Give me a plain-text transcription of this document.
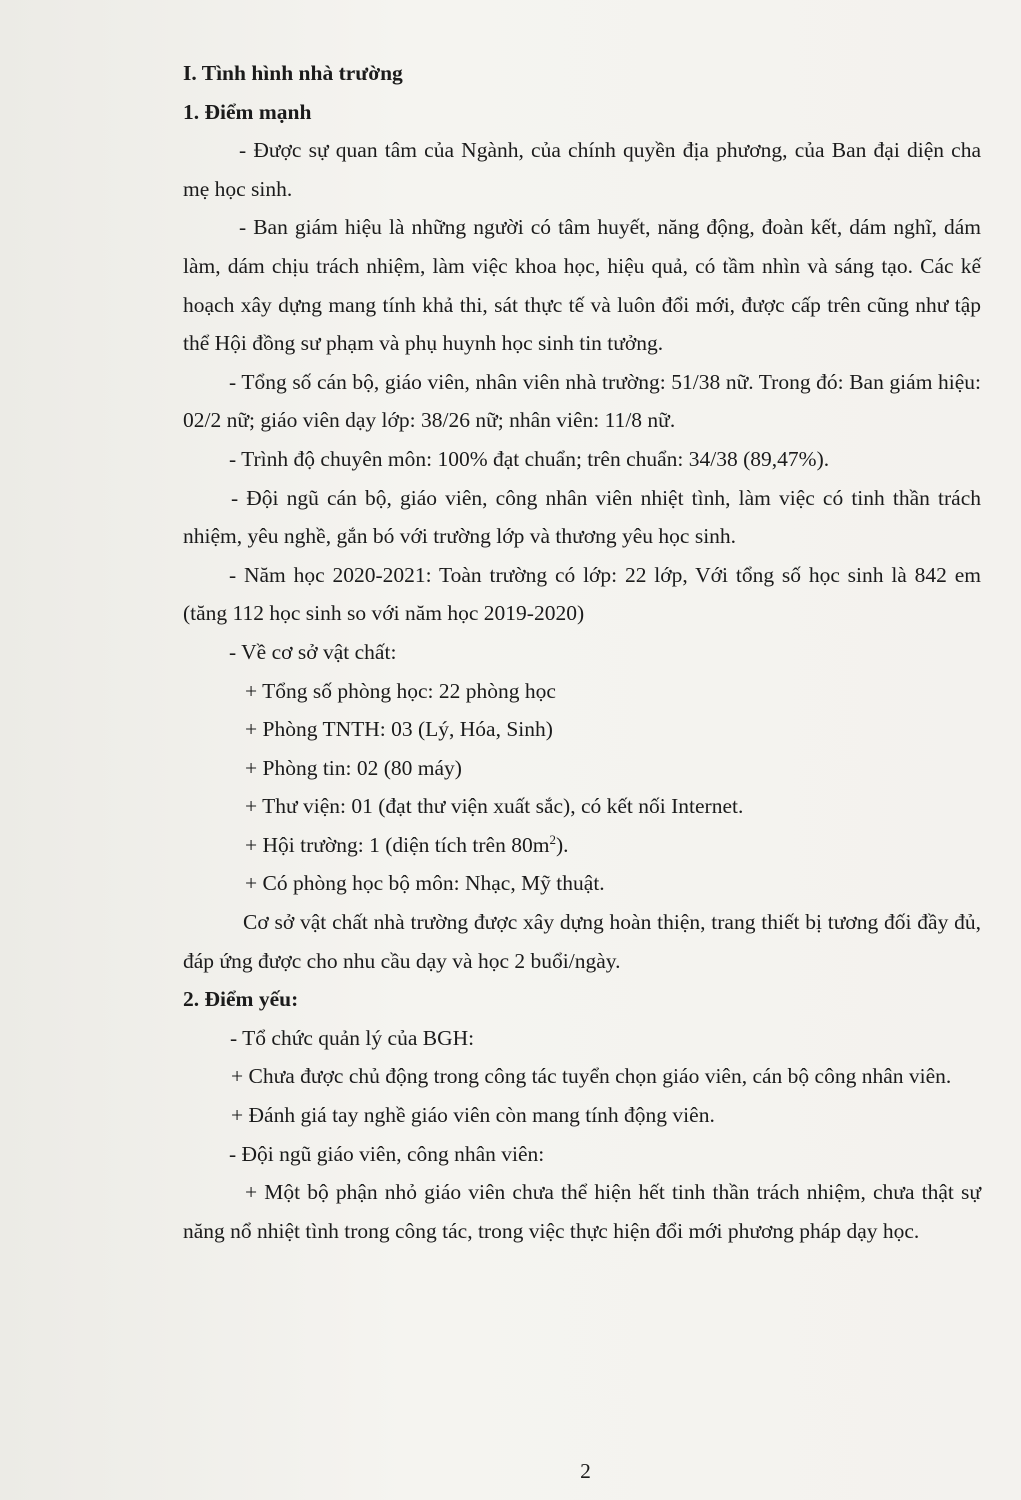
I. Tình hình nhà trường
1. Điểm mạnh

- Được sự quan tâm của Ngành, của chính quyền địa phương, của Ban đại diện cha mẹ học sinh.

- Ban giám hiệu là những người có tâm huyết, năng động, đoàn kết, dám nghĩ, dám làm, dám chịu trách nhiệm, làm việc khoa học, hiệu quả, có tầm nhìn và sáng tạo. Các kế hoạch xây dựng mang tính khả thi, sát thực tế và luôn đổi mới, được cấp trên cũng như tập thể Hội đồng sư phạm và phụ huynh học sinh tin tưởng.

- Tổng số cán bộ, giáo viên, nhân viên nhà trường: 51/38 nữ. Trong đó: Ban giám hiệu: 02/2 nữ; giáo viên dạy lớp: 38/26 nữ; nhân viên: 11/8 nữ.

- Trình độ chuyên môn: 100% đạt chuẩn; trên chuẩn: 34/38 (89,47%).

- Đội ngũ cán bộ, giáo viên, công nhân viên nhiệt tình, làm việc có tinh thần trách nhiệm, yêu nghề, gắn bó với trường lớp và thương yêu học sinh.

- Năm học 2020-2021: Toàn trường có lớp: 22 lớp, Với tổng số học sinh là 842 em (tăng 112 học sinh so với năm học 2019-2020)

- Về cơ sở vật chất:

+ Tổng số phòng học: 22 phòng học

+ Phòng TNTH: 03 (Lý, Hóa, Sinh)

+ Phòng tin: 02 (80 máy)

+ Thư viện: 01 (đạt thư viện xuất sắc), có kết nối Internet.

+ Hội trường: 1 (diện tích trên $80m^2$).

+ Có phòng học bộ môn: Nhạc, Mỹ thuật.

Cơ sở vật chất nhà trường được xây dựng hoàn thiện, trang thiết bị tương đối đầy đủ, đáp ứng được cho nhu cầu dạy và học 2 buổi/ngày.

2. Điểm yếu:

- Tổ chức quản lý của BGH:

+ Chưa được chủ động trong công tác tuyển chọn giáo viên, cán bộ công nhân viên.

+ Đánh giá tay nghề giáo viên còn mang tính động viên.

- Đội ngũ giáo viên, công nhân viên:

+ Một bộ phận nhỏ giáo viên chưa thể hiện hết tinh thần trách nhiệm, chưa thật sự năng nổ nhiệt tình trong công tác, trong việc thực hiện đổi mới phương pháp dạy học.

2
